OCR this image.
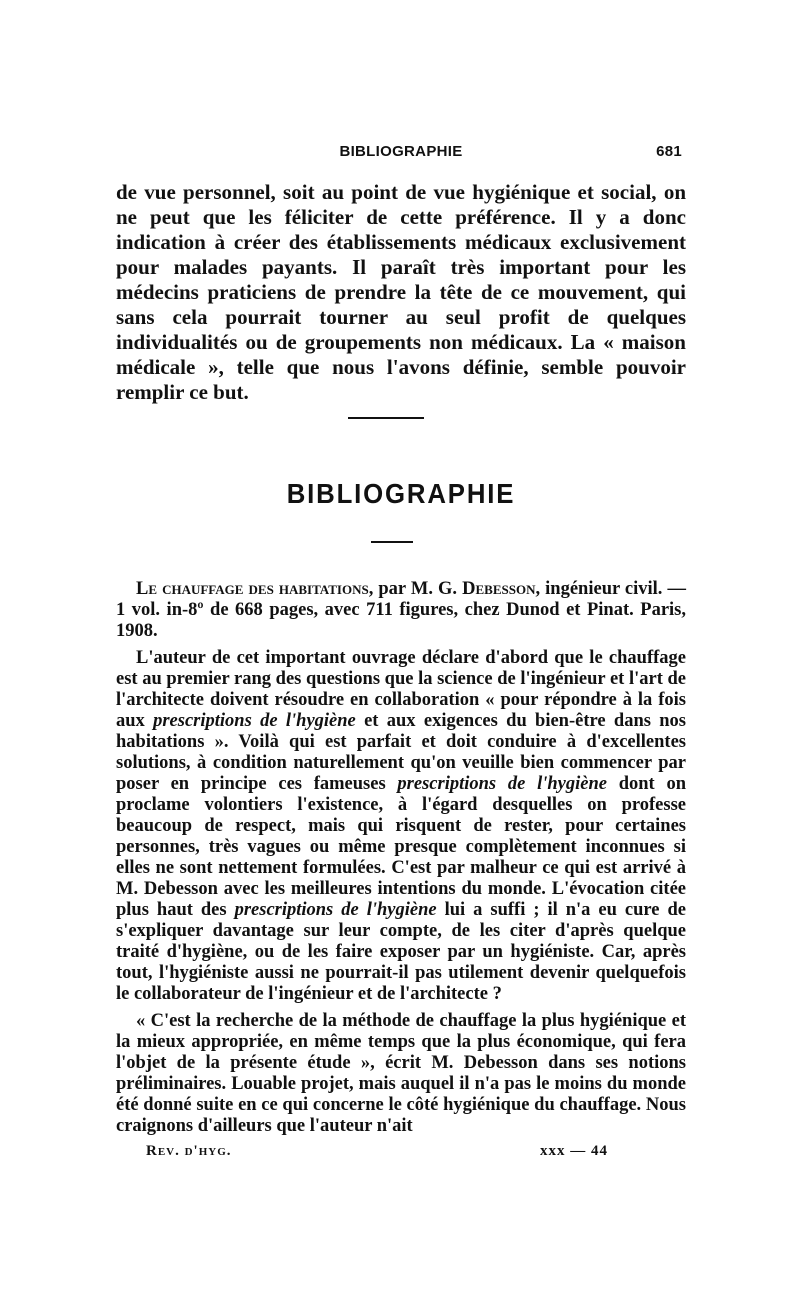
BIBLIOGRAPHIE	681

de vue personnel, soit au point de vue hygiénique et social, on ne peut que les féliciter de cette préférence. Il y a donc indication à créer des établissements médicaux exclusivement pour malades payants. Il paraît très important pour les médecins praticiens de prendre la tête de ce mouvement, qui sans cela pourrait tourner au seul profit de quelques individualités ou de groupements non médicaux. La « maison médicale », telle que nous l'avons définie, semble pouvoir remplir ce but.

BIBLIOGRAPHIE

Le chauffage des habitations, par M. G. Debesson, ingénieur civil. — 1 vol. in-8º de 668 pages, avec 711 figures, chez Dunod et Pinat. Paris, 1908.

L'auteur de cet important ouvrage déclare d'abord que le chauffage est au premier rang des questions que la science de l'ingénieur et l'art de l'architecte doivent résoudre en collaboration « pour répondre à la fois aux prescriptions de l'hygiène et aux exigences du bien-être dans nos habitations ». Voilà qui est parfait et doit conduire à d'excellentes solutions, à condition naturellement qu'on veuille bien commencer par poser en principe ces fameuses prescriptions de l'hygiène dont on proclame volontiers l'existence, à l'égard desquelles on professe beaucoup de respect, mais qui risquent de rester, pour certaines personnes, très vagues ou même presque complètement inconnues si elles ne sont nettement formulées. C'est par malheur ce qui est arrivé à M. Debesson avec les meilleures intentions du monde. L'évocation citée plus haut des prescriptions de l'hygiène lui a suffi ; il n'a eu cure de s'expliquer davantage sur leur compte, de les citer d'après quelque traité d'hygiène, ou de les faire exposer par un hygiéniste. Car, après tout, l'hygiéniste aussi ne pourrait-il pas utilement devenir quelquefois le collaborateur de l'ingénieur et de l'architecte ?

« C'est la recherche de la méthode de chauffage la plus hygiénique et la mieux appropriée, en même temps que la plus économique, qui fera l'objet de la présente étude », écrit M. Debesson dans ses notions préliminaires. Louable projet, mais auquel il n'a pas le moins du monde été donné suite en ce qui concerne le côté hygiénique du chauffage. Nous craignons d'ailleurs que l'auteur n'ait

Rev. d'hyg.	xxx — 44
